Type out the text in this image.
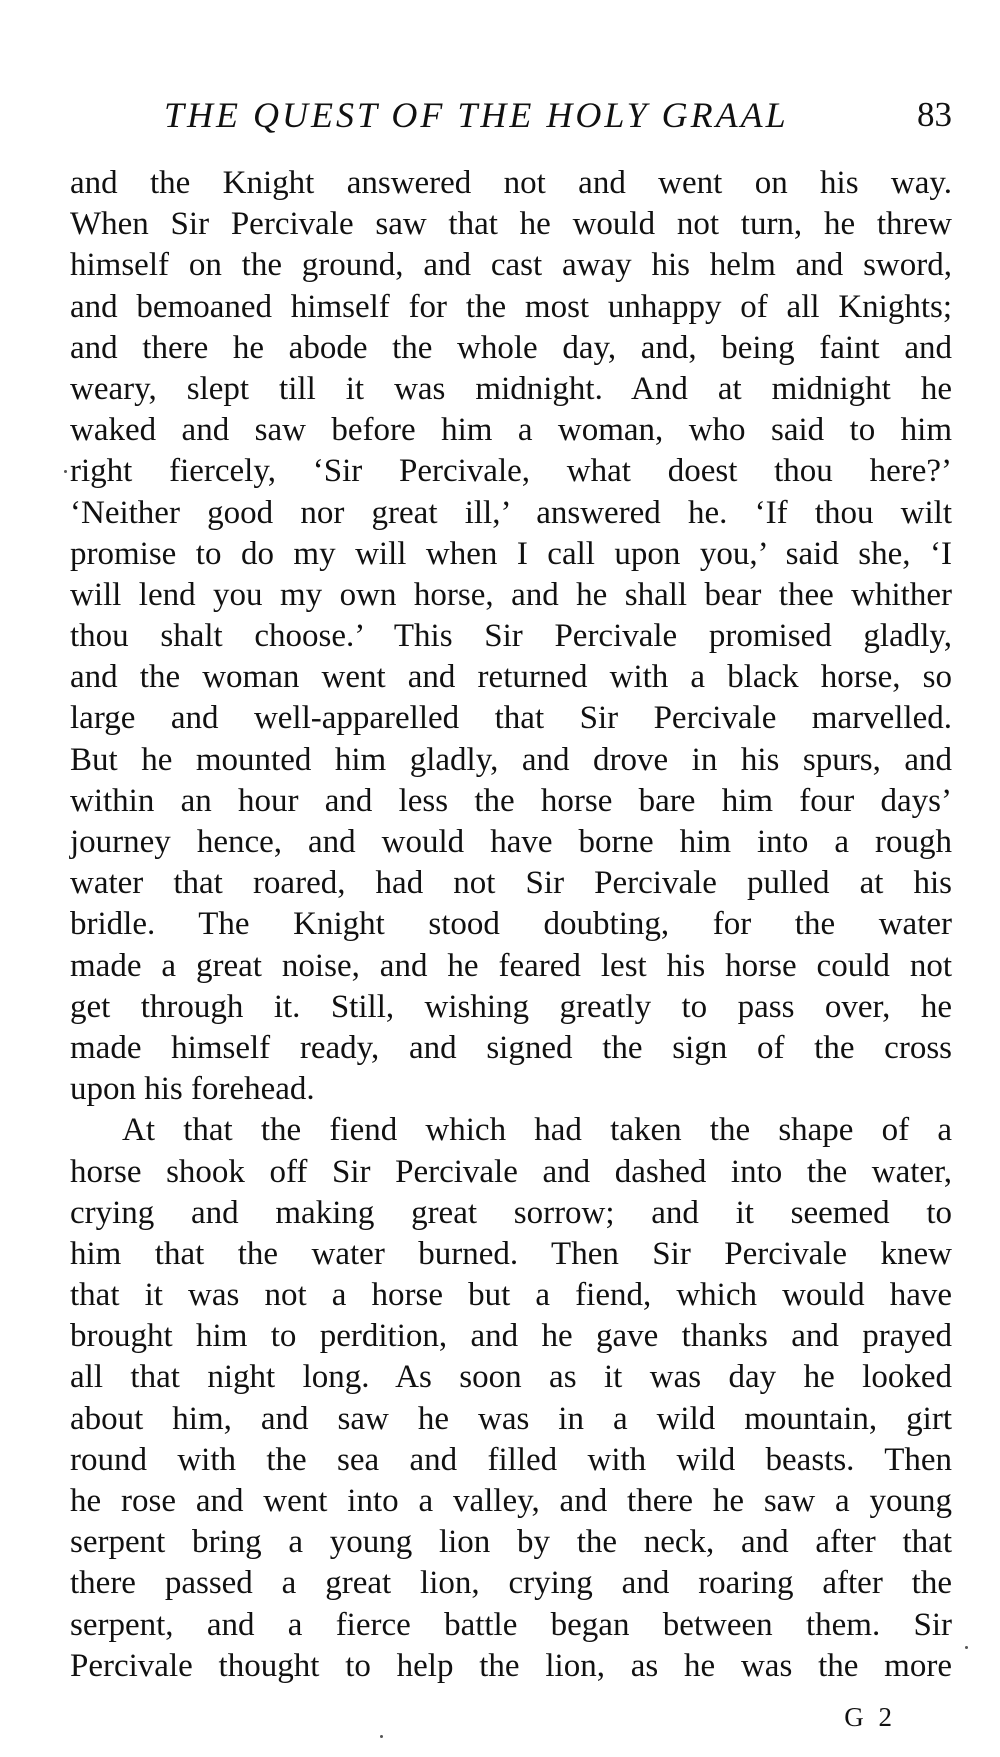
THE QUEST OF THE HOLY GRAAL	83
and the Knight answered not and went on his way.
When Sir Percivale saw that he would not turn, he threw
himself on the ground, and cast away his helm and sword,
and bemoaned himself for the most unhappy of all Knights;
and there he abode the whole day, and, being faint and
weary, slept till it was midnight. And at midnight he
waked and saw before him a woman, who said to him
right fiercely, ‘Sir Percivale, what doest thou here?’
‘Neither good nor great ill,’ answered he. ‘If thou wilt
promise to do my will when I call upon you,’ said she, ‘I
will lend you my own horse, and he shall bear thee whither
thou shalt choose.’ This Sir Percivale promised gladly,
and the woman went and returned with a black horse, so
large and well-apparelled that Sir Percivale marvelled.
But he mounted him gladly, and drove in his spurs, and
within an hour and less the horse bare him four days’
journey hence, and would have borne him into a rough
water that roared, had not Sir Percivale pulled at his
bridle. The Knight stood doubting, for the water
made a great noise, and he feared lest his horse could not
get through it. Still, wishing greatly to pass over, he
made himself ready, and signed the sign of the cross
upon his forehead.
At that the fiend which had taken the shape of a
horse shook off Sir Percivale and dashed into the water,
crying and making great sorrow; and it seemed to
him that the water burned. Then Sir Percivale knew
that it was not a horse but a fiend, which would have
brought him to perdition, and he gave thanks and prayed
all that night long. As soon as it was day he looked
about him, and saw he was in a wild mountain, girt
round with the sea and filled with wild beasts. Then
he rose and went into a valley, and there he saw a young
serpent bring a young lion by the neck, and after that
there passed a great lion, crying and roaring after the
serpent, and a fierce battle began between them. Sir
Percivale thought to help the lion, as he was the more
G 2
